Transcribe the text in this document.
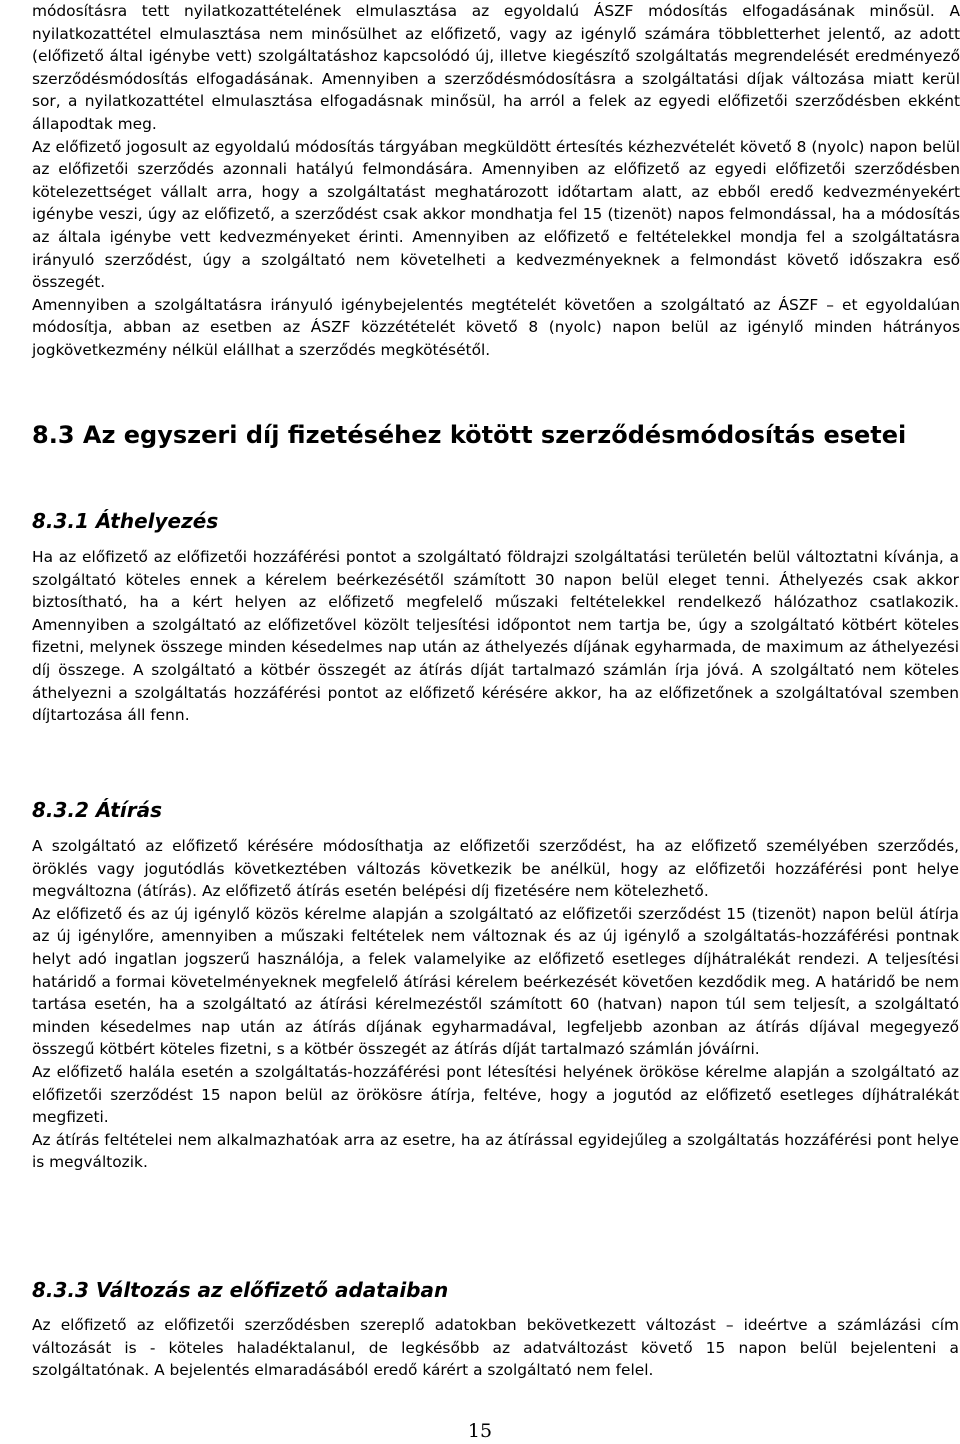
módosításra tett nyilatkozattételének elmulasztása az egyoldalú ÁSZF módosítás elfogadásának minősül. A nyilatkozattétel elmulasztása nem minősülhet az előfizető, vagy az igénylő számára többletterhet jelentő, az adott (előfizető által igénybe vett) szolgáltatáshoz kapcsolódó új, illetve kiegészítő szolgáltatás megrendelését eredményező szerződésmódosítás elfogadásának. Amennyiben a szerződésmódosításra a szolgáltatási díjak változása miatt kerül sor, a nyilatkozattétel elmulasztása elfogadásnak minősül, ha arról a felek az egyedi előfizetői szerződésben ekként állapodtak meg.

Az előfizető jogosult az egyoldalú módosítás tárgyában megküldött értesítés kézhezvételét követő 8 (nyolc) napon belül az előfizetői szerződés azonnali hatályú felmondására. Amennyiben az előfizető az egyedi előfizetői szerződésben kötelezettséget vállalt arra, hogy a szolgáltatást meghatározott időtartam alatt, az ebből eredő kedvezményekért igénybe veszi, úgy az előfizető, a szerződést csak akkor mondhatja fel 15 (tizenöt) napos felmondással, ha a módosítás az általa igénybe vett kedvezményeket érinti. Amennyiben az előfizető e feltételekkel mondja fel a szolgáltatásra irányuló szerződést, úgy a szolgáltató nem követelheti a kedvezményeknek a felmondást követő időszakra eső összegét.

Amennyiben a szolgáltatásra irányuló igénybejelentés megtételét követően a szolgáltató az ÁSZF – et egyoldalúan módosítja, abban az esetben az ÁSZF közzétételét követő 8 (nyolc) napon belül az igénylő minden hátrányos jogkövetkezmény nélkül elállhat a szerződés megkötésétől.

8.3 Az egyszeri díj fizetéséhez kötött szerződésmódosítás esetei
8.3.1 Áthelyezés

Ha az előfizető az előfizetői hozzáférési pontot a szolgáltató földrajzi szolgáltatási területén belül változtatni kívánja, a szolgáltató köteles ennek a kérelem beérkezésétől számított 30 napon belül eleget tenni. Áthelyezés csak akkor biztosítható, ha a kért helyen az előfizető megfelelő műszaki feltételekkel rendelkező hálózathoz csatlakozik. Amennyiben a szolgáltató az előfizetővel közölt teljesítési időpontot nem tartja be, úgy a szolgáltató kötbért köteles fizetni, melynek összege minden késedelmes nap után az áthelyezés díjának egyharmada, de maximum az áthelyezési díj összege. A szolgáltató a kötbér összegét az átírás díját tartalmazó számlán írja jóvá. A szolgáltató nem köteles áthelyezni a szolgáltatás hozzáférési pontot az előfizető kérésére akkor, ha az előfizetőnek a szolgáltatóval szemben díjtartozása áll fenn.

8.3.2 Átírás

A szolgáltató az előfizető kérésére módosíthatja az előfizetői szerződést, ha az előfizető személyében szerződés, öröklés vagy jogutódlás következtében változás következik be anélkül, hogy az előfizetői hozzáférési pont helye megváltozna (átírás). Az előfizető átírás esetén belépési díj fizetésére nem kötelezhető.

Az előfizető és az új igénylő közös kérelme alapján a szolgáltató az előfizetői szerződést 15 (tizenöt) napon belül átírja az új igénylőre, amennyiben a műszaki feltételek nem változnak és az új igénylő a szolgáltatás-hozzáférési pontnak helyt adó ingatlan jogszerű használója, a felek valamelyike az előfizető esetleges díjhátralékát rendezi. A teljesítési határidő a formai követelményeknek megfelelő átírási kérelem beérkezését követően kezdődik meg. A határidő be nem tartása esetén, ha a szolgáltató az átírási kérelmezéstől számított 60 (hatvan) napon túl sem teljesít, a szolgáltató minden késedelmes nap után az átírás díjának egyharmadával, legfeljebb azonban az átírás díjával megegyező összegű kötbért köteles fizetni, s a kötbér összegét az átírás díját tartalmazó számlán jóváírni.

Az előfizető halála esetén a szolgáltatás-hozzáférési pont létesítési helyének örököse kérelme alapján a szolgáltató az előfizetői szerződést 15 napon belül az örökösre átírja, feltéve, hogy a jogutód az előfizető esetleges díjhátralékát megfizeti.

Az átírás feltételei nem alkalmazhatóak arra az esetre, ha az átírással egyidejűleg a szolgáltatás hozzáférési pont helye is megváltozik.

8.3.3 Változás az előfizető adataiban

Az előfizető az előfizetői szerződésben szereplő adatokban bekövetkezett változást – ideértve a számlázási cím változását is - köteles haladéktalanul, de legkésőbb az adatváltozást követő 15 napon belül bejelenteni a szolgáltatónak. A bejelentés elmaradásából eredő kárért a szolgáltató nem felel.

15
